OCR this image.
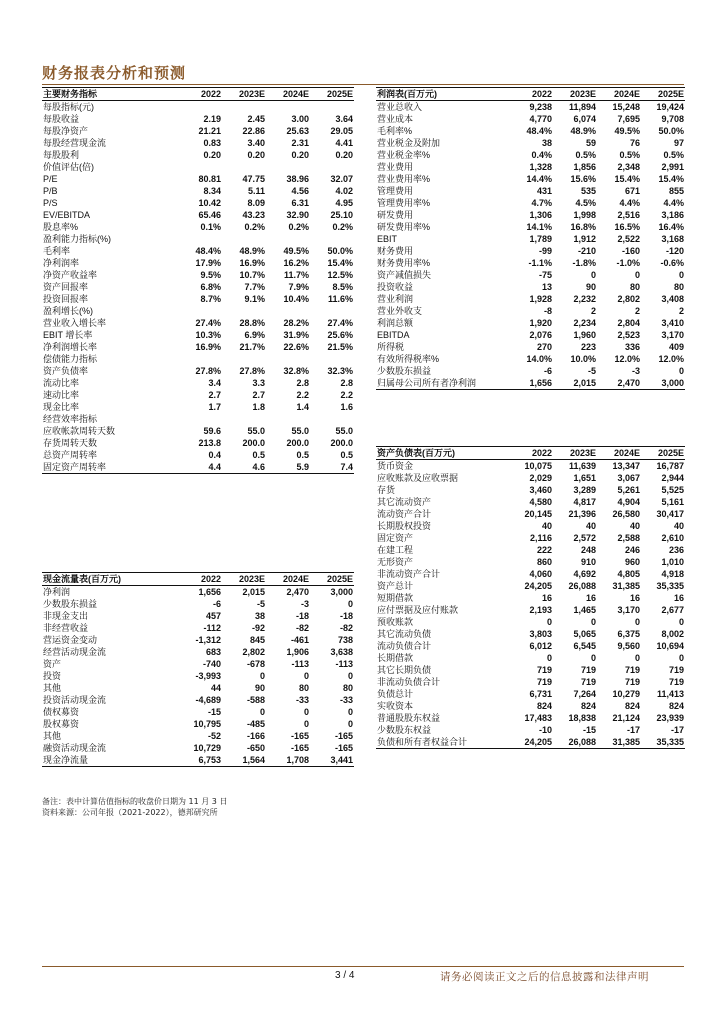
财务报表分析和预测
主要财务指标	2022	2023E	2024E	2025E
每股指标(元)				
每股收益	2.19	2.45	3.00	3.64
每股净资产	21.21	22.86	25.63	29.05
每股经营现金流	0.83	3.40	2.31	4.41
每股股利	0.20	0.20	0.20	0.20
价值评估(倍)				
P/E	80.81	47.75	38.96	32.07
P/B	8.34	5.11	4.56	4.02
P/S	10.42	8.09	6.31	4.95
EV/EBITDA	65.46	43.23	32.90	25.10
股息率%	0.1%	0.2%	0.2%	0.2%
盈利能力指标(%)				
毛利率	48.4%	48.9%	49.5%	50.0%
净利润率	17.9%	16.9%	16.2%	15.4%
净资产收益率	9.5%	10.7%	11.7%	12.5%
资产回报率	6.8%	7.7%	7.9%	8.5%
投资回报率	8.7%	9.1%	10.4%	11.6%
盈利增长(%)				
营业收入增长率	27.4%	28.8%	28.2%	27.4%
EBIT 增长率	10.3%	6.9%	31.9%	25.6%
净利润增长率	16.9%	21.7%	22.6%	21.5%
偿债能力指标				
资产负债率	27.8%	27.8%	32.8%	32.3%
流动比率	3.4	3.3	2.8	2.8
速动比率	2.7	2.7	2.2	2.2
现金比率	1.7	1.8	1.4	1.6
经营效率指标				
应收帐款周转天数	59.6	55.0	55.0	55.0
存货周转天数	213.8	200.0	200.0	200.0
总资产周转率	0.4	0.5	0.5	0.5
固定资产周转率	4.4	4.6	5.9	7.4
利润表(百万元)	2022	2023E	2024E	2025E
营业总收入	9,238	11,894	15,248	19,424
营业成本	4,770	6,074	7,695	9,708
毛利率%	48.4%	48.9%	49.5%	50.0%
营业税金及附加	38	59	76	97
营业税金率%	0.4%	0.5%	0.5%	0.5%
营业费用	1,328	1,856	2,348	2,991
营业费用率%	14.4%	15.6%	15.4%	15.4%
管理费用	431	535	671	855
管理费用率%	4.7%	4.5%	4.4%	4.4%
研发费用	1,306	1,998	2,516	3,186
研发费用率%	14.1%	16.8%	16.5%	16.4%
EBIT	1,789	1,912	2,522	3,168
财务费用	-99	-210	-160	-120
财务费用率%	-1.1%	-1.8%	-1.0%	-0.6%
资产减值损失	-75	0	0	0
投资收益	13	90	80	80
营业利润	1,928	2,232	2,802	3,408
营业外收支	-8	2	2	2
利润总额	1,920	2,234	2,804	3,410
EBITDA	2,076	1,960	2,523	3,170
所得税	270	223	336	409
有效所得税率%	14.0%	10.0%	12.0%	12.0%
少数股东损益	-6	-5	-3	0
归属母公司所有者净利润	1,656	2,015	2,470	3,000
资产负债表(百万元)	2022	2023E	2024E	2025E
货币资金	10,075	11,639	13,347	16,787
应收账款及应收票据	2,029	1,651	3,067	2,944
存货	3,460	3,289	5,261	5,525
其它流动资产	4,580	4,817	4,904	5,161
流动资产合计	20,145	21,396	26,580	30,417
长期股权投资	40	40	40	40
固定资产	2,116	2,572	2,588	2,610
在建工程	222	248	246	236
无形资产	860	910	960	1,010
非流动资产合计	4,060	4,692	4,805	4,918
资产总计	24,205	26,088	31,385	35,335
短期借款	16	16	16	16
应付票据及应付账款	2,193	1,465	3,170	2,677
预收账款	0	0	0	0
其它流动负债	3,803	5,065	6,375	8,002
流动负债合计	6,012	6,545	9,560	10,694
长期借款	0	0	0	0
其它长期负债	719	719	719	719
非流动负债合计	719	719	719	719
负债总计	6,731	7,264	10,279	11,413
实收资本	824	824	824	824
普通股股东权益	17,483	18,838	21,124	23,939
少数股东权益	-10	-15	-17	-17
负债和所有者权益合计	24,205	26,088	31,385	35,335
现金流量表(百万元)	2022	2023E	2024E	2025E
净利润	1,656	2,015	2,470	3,000
少数股东损益	-6	-5	-3	0
非现金支出	457	38	-18	-18
非经营收益	-112	-92	-82	-82
营运资金变动	-1,312	845	-461	738
经营活动现金流	683	2,802	1,906	3,638
资产	-740	-678	-113	-113
投资	-3,993	0	0	0
其他	44	90	80	80
投资活动现金流	-4,689	-588	-33	-33
债权募资	-15	0	0	0
股权募资	10,795	-485	0	0
其他	-52	-166	-165	-165
融资活动现金流	10,729	-650	-165	-165
现金净流量	6,753	1,564	1,708	3,441
备注：表中计算估值指标的收盘价日期为 11 月 3 日
资料来源：公司年报（2021-2022），德邦研究所
3 / 4	请务必阅读正文之后的信息披露和法律声明
